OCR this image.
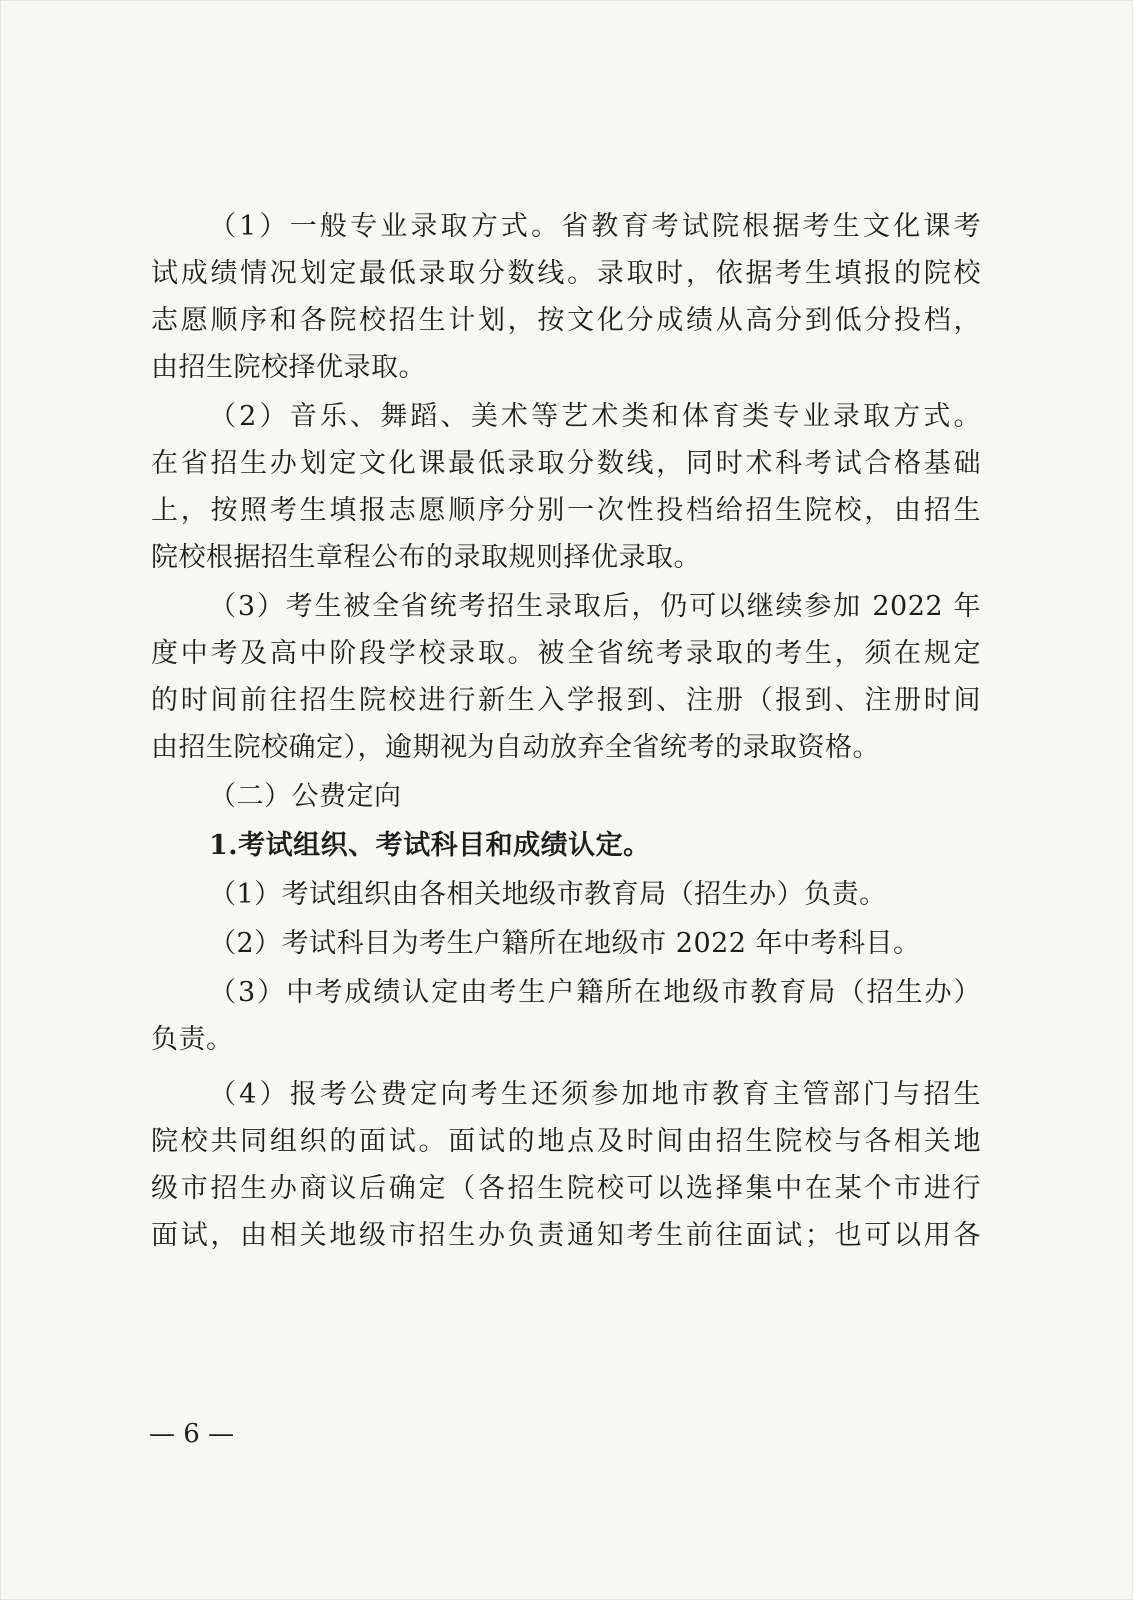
（1）一般专业录取方式。省教育考试院根据考生文化课考
试成绩情况划定最低录取分数线。录取时，依据考生填报的院校
志愿顺序和各院校招生计划，按文化分成绩从高分到低分投档，
由招生院校择优录取。
（2）音乐、舞蹈、美术等艺术类和体育类专业录取方式。
在省招生办划定文化课最低录取分数线，同时术科考试合格基础
上，按照考生填报志愿顺序分别一次性投档给招生院校，由招生
院校根据招生章程公布的录取规则择优录取。
（3）考生被全省统考招生录取后，仍可以继续参加 2022 年
度中考及高中阶段学校录取。被全省统考录取的考生，须在规定
的时间前往招生院校进行新生入学报到、注册（报到、注册时间
由招生院校确定），逾期视为自动放弃全省统考的录取资格。
（二）公费定向
1.考试组织、考试科目和成绩认定。
（1）考试组织由各相关地级市教育局（招生办）负责。
（2）考试科目为考生户籍所在地级市 2022 年中考科目。
（3）中考成绩认定由考生户籍所在地级市教育局（招生办）
负责。
（4）报考公费定向考生还须参加地市教育主管部门与招生
院校共同组织的面试。面试的地点及时间由招生院校与各相关地
级市招生办商议后确定（各招生院校可以选择集中在某个市进行
面试，由相关地级市招生办负责通知考生前往面试；也可以用各
— 6 —
